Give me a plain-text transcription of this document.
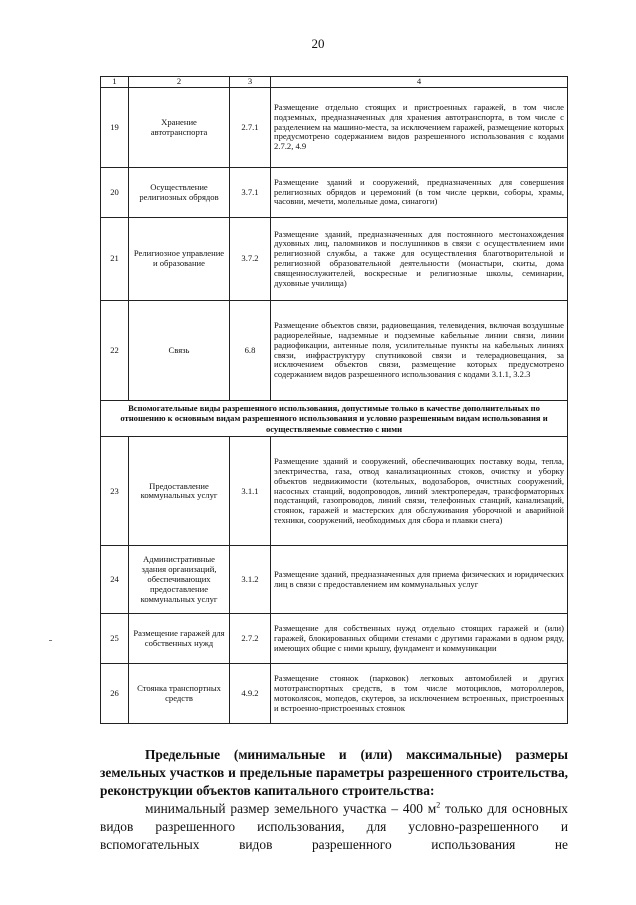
20
1	2	3	4
19	Хранение автотранспорта	2.7.1	Размещение отдельно стоящих и пристроенных гаражей, в том числе подземных, предназначенных для хранения автотранспорта, в том числе с разделением на машино-места, за исключением гаражей, размещение которых предусмотрено содержанием видов разрешенного использования с кодами 2.7.2, 4.9
20	Осуществление религиозных обрядов	3.7.1	Размещение зданий и сооружений, предназначенных для совершения религиозных обрядов и церемоний (в том числе церкви, соборы, храмы, часовни, мечети, молельные дома, синагоги)
21	Религиозное управление и образование	3.7.2	Размещение зданий, предназначенных для постоянного местонахождения духовных лиц, паломников и послушников в связи с осуществлением ими религиозной службы, а также для осуществления благотворительной и религиозной образовательной деятельности (монастыри, скиты, дома священнослужителей, воскресные и религиозные школы, семинарии, духовные училища)
22	Связь	6.8	Размещение объектов связи, радиовещания, телевидения, включая воздушные радиорелейные, надземные и подземные кабельные линии связи, линии радиофикации, антенные поля, усилительные пункты на кабельных линиях связи, инфраструктуру спутниковой связи и телерадиовещания, за исключением объектов связи, размещение которых предусмотрено содержанием видов разрешенного использования с кодами 3.1.1, 3.2.3
Вспомогательные виды разрешенного использования, допустимые только в качестве дополнительных по отношению к основным видам разрешенного использования и условно разрешенным видам использования и осуществляемые совместно с ними			
23	Предоставление коммунальных услуг	3.1.1	Размещение зданий и сооружений, обеспечивающих поставку воды, тепла, электричества, газа, отвод канализационных стоков, очистку и уборку объектов недвижимости (котельных, водозаборов, очистных сооружений, насосных станций, водопроводов, линий электропередач, трансформаторных подстанций, газопроводов, линий связи, телефонных станций, канализаций, стоянок, гаражей и мастерских для обслуживания уборочной и аварийной техники, сооружений, необходимых для сбора и плавки снега)
24	Административные здания организаций, обеспечивающих предоставление коммунальных услуг	3.1.2	Размещение зданий, предназначенных для приема физических и юридических лиц в связи с предоставлением им коммунальных услуг
25	Размещение гаражей для собственных нужд	2.7.2	Размещение для собственных нужд отдельно стоящих гаражей и (или) гаражей, блокированных общими стенами с другими гаражами в одном ряду, имеющих общие с ними крышу, фундамент и коммуникации
26	Стоянка транспортных средств	4.9.2	Размещение стоянок (парковок) легковых автомобилей и других мототранспортных средств, в том числе мотоциклов, мотороллеров, мотоколясок, мопедов, скутеров, за исключением встроенных, пристроенных и встроенно-пристроенных стоянок
Предельные (минимальные и (или) максимальные) размеры земельных участков и предельные параметры разрешенного строительства, реконструкции объектов капитального строительства:
минимальный размер земельного участка – 400 $м^2$ только для основных видов разрешенного использования, для условно-разрешенного и вспомогательных видов разрешенного использования не
